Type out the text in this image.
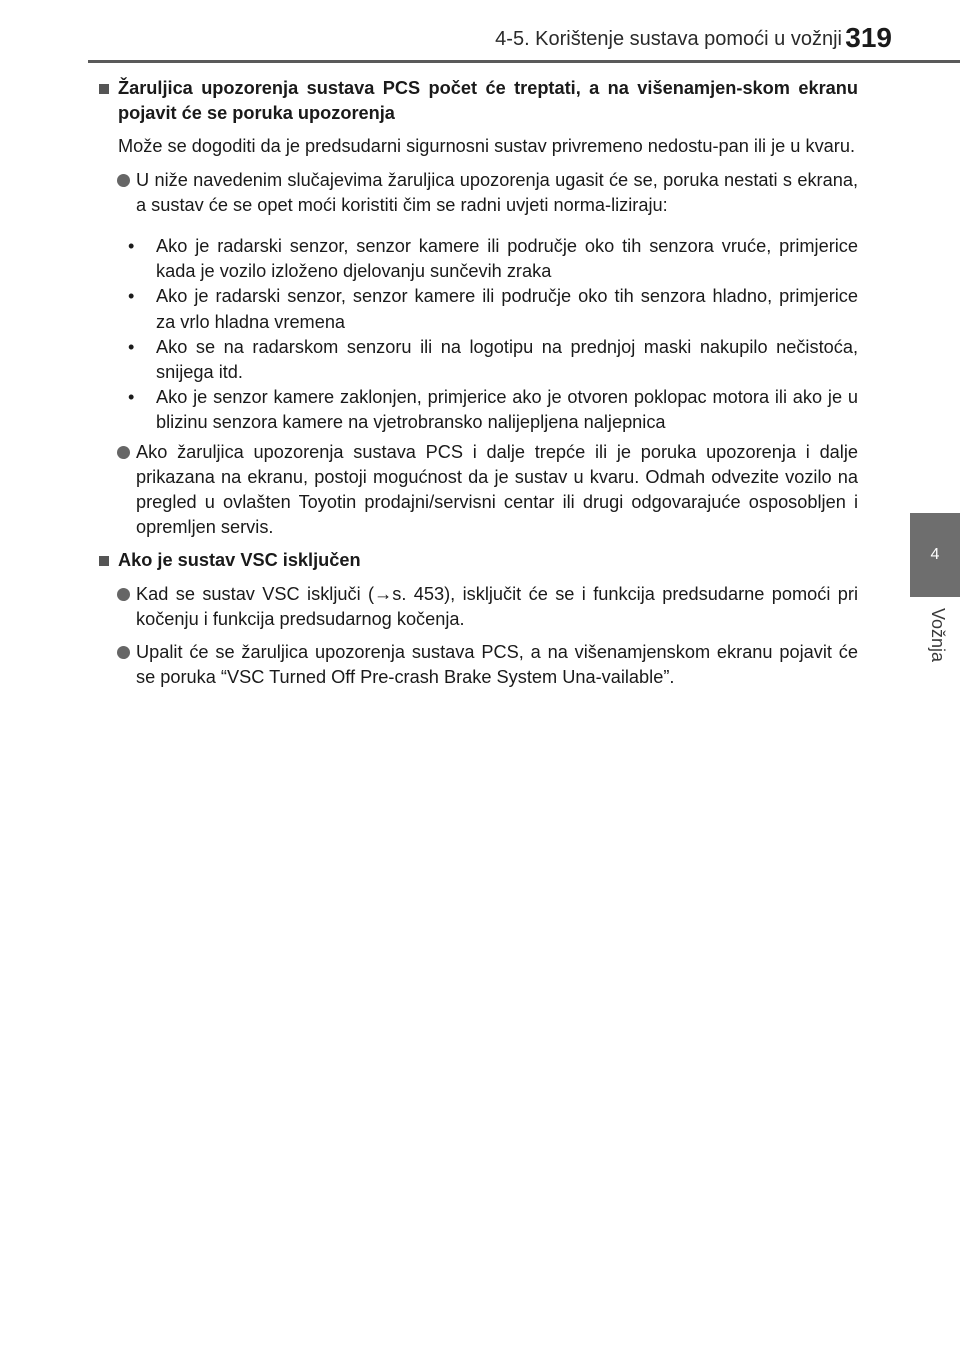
4-5. Korištenje sustava pomoći u vožnji 319
4
Vožnja
Žaruljica upozorenja sustava PCS počet će treptati, a na višenamjen-skom ekranu pojavit će se poruka upozorenja
Može se dogoditi da je predsudarni sigurnosni sustav privremeno nedostu-pan ili je u kvaru.
U niže navedenim slučajevima žaruljica upozorenja ugasit će se, poruka nestati s ekrana, a sustav će se opet moći koristiti čim se radni uvjeti norma-liziraju:
• Ako je radarski senzor, senzor kamere ili područje oko tih senzora vruće, primjerice kada je vozilo izloženo djelovanju sunčevih zraka
• Ako je radarski senzor, senzor kamere ili područje oko tih senzora hladno, primjerice za vrlo hladna vremena
• Ako se na radarskom senzoru ili na logotipu na prednjoj maski nakupilo nečistoća, snijega itd.
• Ako je senzor kamere zaklonjen, primjerice ako je otvoren poklopac motora ili ako je u blizinu senzora kamere na vjetrobransko nalijepljena naljepnica
Ako žaruljica upozorenja sustava PCS i dalje trepće ili je poruka upozorenja i dalje prikazana na ekranu, postoji mogućnost da je sustav u kvaru. Odmah odvezite vozilo na pregled u ovlašten Toyotin prodajni/servisni centar ili drugi odgovarajuće osposobljen i opremljen servis.
Ako je sustav VSC isključen
Kad se sustav VSC isključi (→s. 453), isključit će se i funkcija predsudarne pomoći pri kočenju i funkcija predsudarnog kočenja.
Upalit će se žaruljica upozorenja sustava PCS, a na višenamjenskom ekranu pojavit će se poruka “VSC Turned Off Pre-crash Brake System Una-vailable”.
